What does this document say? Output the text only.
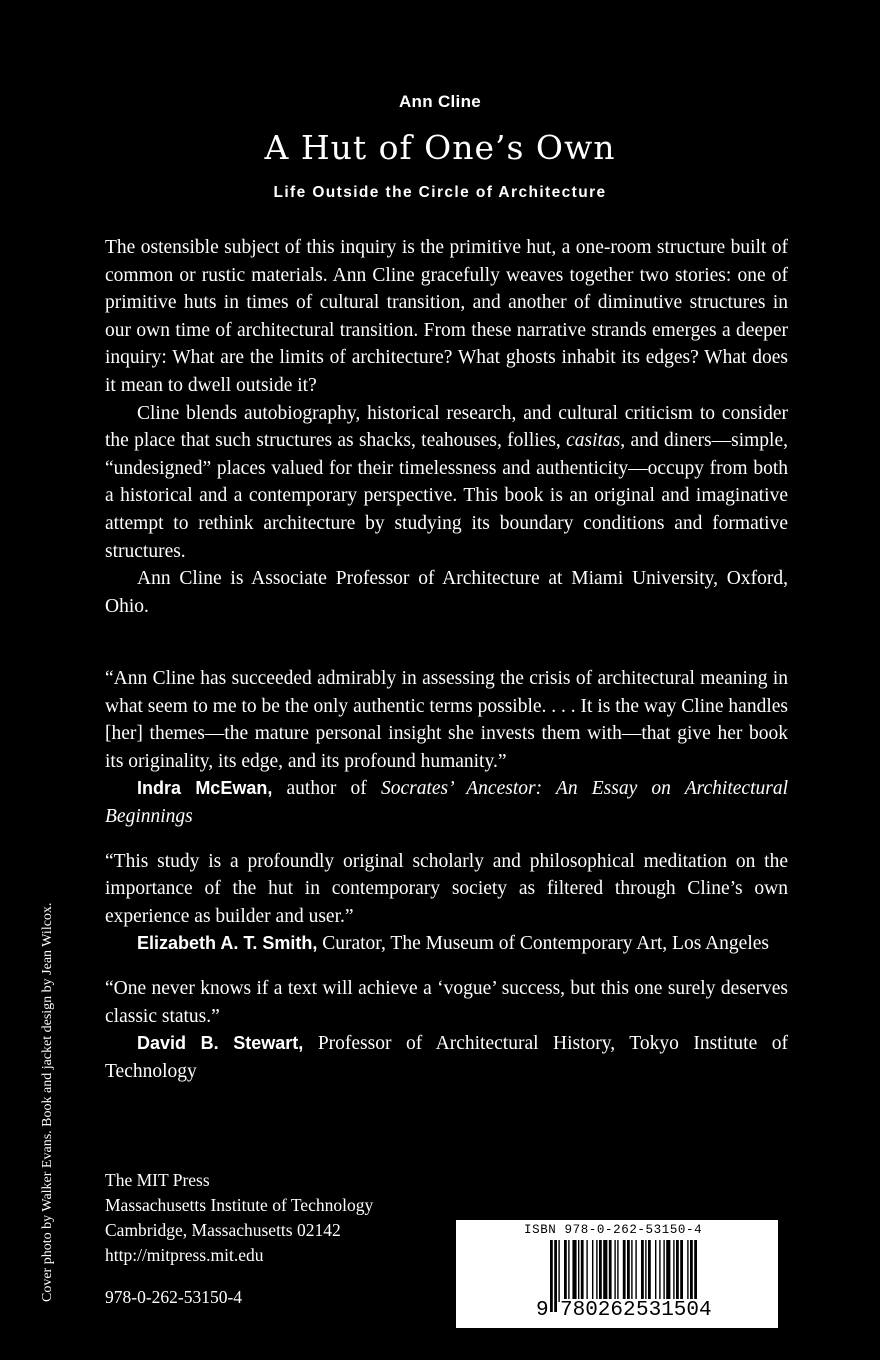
Ann Cline
A Hut of One’s Own
Life Outside the Circle of Architecture

The ostensible subject of this inquiry is the primitive hut, a one-room structure built of common or rustic materials. Ann Cline gracefully weaves together two stories: one of primitive huts in times of cultural transition, and another of diminutive structures in our own time of architectural transition. From these narrative strands emerges a deeper inquiry: What are the limits of architecture? What ghosts inhabit its edges? What does it mean to dwell outside it?

Cline blends autobiography, historical research, and cultural criticism to consider the place that such structures as shacks, teahouses, follies, casitas, and diners—simple, “undesigned” places valued for their timelessness and authenticity—occupy from both a historical and a contemporary perspective. This book is an original and imaginative attempt to rethink architecture by studying its boundary conditions and formative structures.

Ann Cline is Associate Professor of Architecture at Miami University, Oxford, Ohio.

“Ann Cline has succeeded admirably in assessing the crisis of architectural meaning in what seem to me to be the only authentic terms possible. . . . It is the way Cline handles [her] themes—the mature personal insight she invests them with—that give her book its originality, its edge, and its profound humanity.”

Indra McEwan, author of Socrates’ Ancestor: An Essay on Architectural Beginnings

“This study is a profoundly original scholarly and philosophical meditation on the importance of the hut in contemporary society as filtered through Cline’s own experience as builder and user.”

Elizabeth A. T. Smith, Curator, The Museum of Contemporary Art, Los Angeles

“One never knows if a text will achieve a ‘vogue’ success, but this one surely deserves classic status.”

David B. Stewart, Professor of Architectural History, Tokyo Institute of Technology

Cover photo by Walker Evans. Book and jacket design by Jean Wilcox.	The MIT Press
Massachusetts Institute of Technology
Cambridge, Massachusetts 02142
http://mitpress.mit.edu
978-0-262-53150-4
ISBN 978-0-262-53150-4
9 780262 531504
